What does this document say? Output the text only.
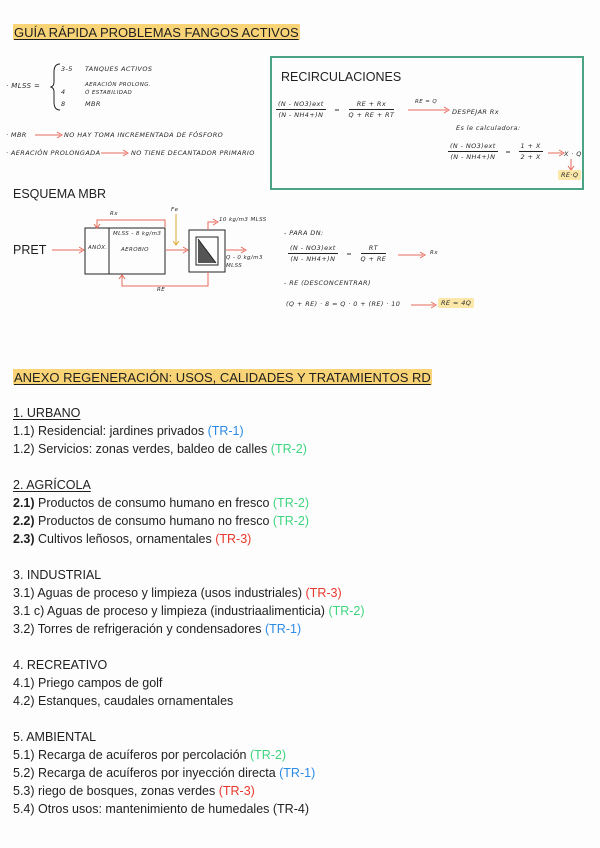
GUÍA RÁPIDA PROBLEMAS FANGOS ACTIVOS
· MLSS =
3-5 TANQUES ACTIVOS
4AERACIÓN PROLONG. Ó ESTABILIDAD
8	MBR
· MBR	NO HAY TOMA INCREMENTADA DE FÓSFORO
· AERACIÓN PROLONGADA	NO TIENE DECANTADOR PRIMARIO
RECIRCULACIONES
$\frac{\text{(N - NO3)ext}}{(N - NH4+)N} = \frac{RE + Rx}{Q + RE + RT}$	RE = Q
DESPEJAR Rx
Es le calculadora:
$\frac{\text{(N - NO3)ext}}{(N - NH4+)N} = \frac{1 + X}{2 + X}$	X · Q
RE·Q
ESQUEMA MBR
PRET
Rx
Fe
ANÓX.
MLSS - 8 kg/m3
AEROBIO
10 kg/m3 MLSS
Q - 0 kg/m3 MLSS
RE
- PARA DN:
$\frac{\text{(N - NO3)ext}}{(N - NH4+)N} = \frac{RT}{Q + RE}$	Rx
- RE (DESCONCENTRAR)
(Q + RE) · 8 = Q · 0 + (RE) · 10	RE = 4Q
ANEXO REGENERACIÓN: USOS, CALIDADES Y TRATAMIENTOS RD
1. URBANO
1.1) Residencial: jardines privados (TR-1)
1.2) Servicios: zonas verdes, baldeo de calles (TR-2)
2. AGRÍCOLA
2.1) Productos de consumo humano en fresco (TR-2)
2.2) Productos de consumo humano no fresco (TR-2)
2.3) Cultivos leñosos, ornamentales (TR-3)
3. INDUSTRIAL
3.1) Aguas de proceso y limpieza (usos industriales) (TR-3)
3.1 c) Aguas de proceso y limpieza (industriaalimenticia) (TR-2)
3.2) Torres de refrigeración y condensadores (TR-1)
4. RECREATIVO
4.1) Priego campos de golf
4.2) Estanques, caudales ornamentales
5. AMBIENTAL
5.1) Recarga de acuíferos por percolación (TR-2)
5.2) Recarga de acuíferos por inyección directa (TR-1)
5.3) riego de bosques, zonas verdes (TR-3)
5.4) Otros usos: mantenimiento de humedales (TR-4)
